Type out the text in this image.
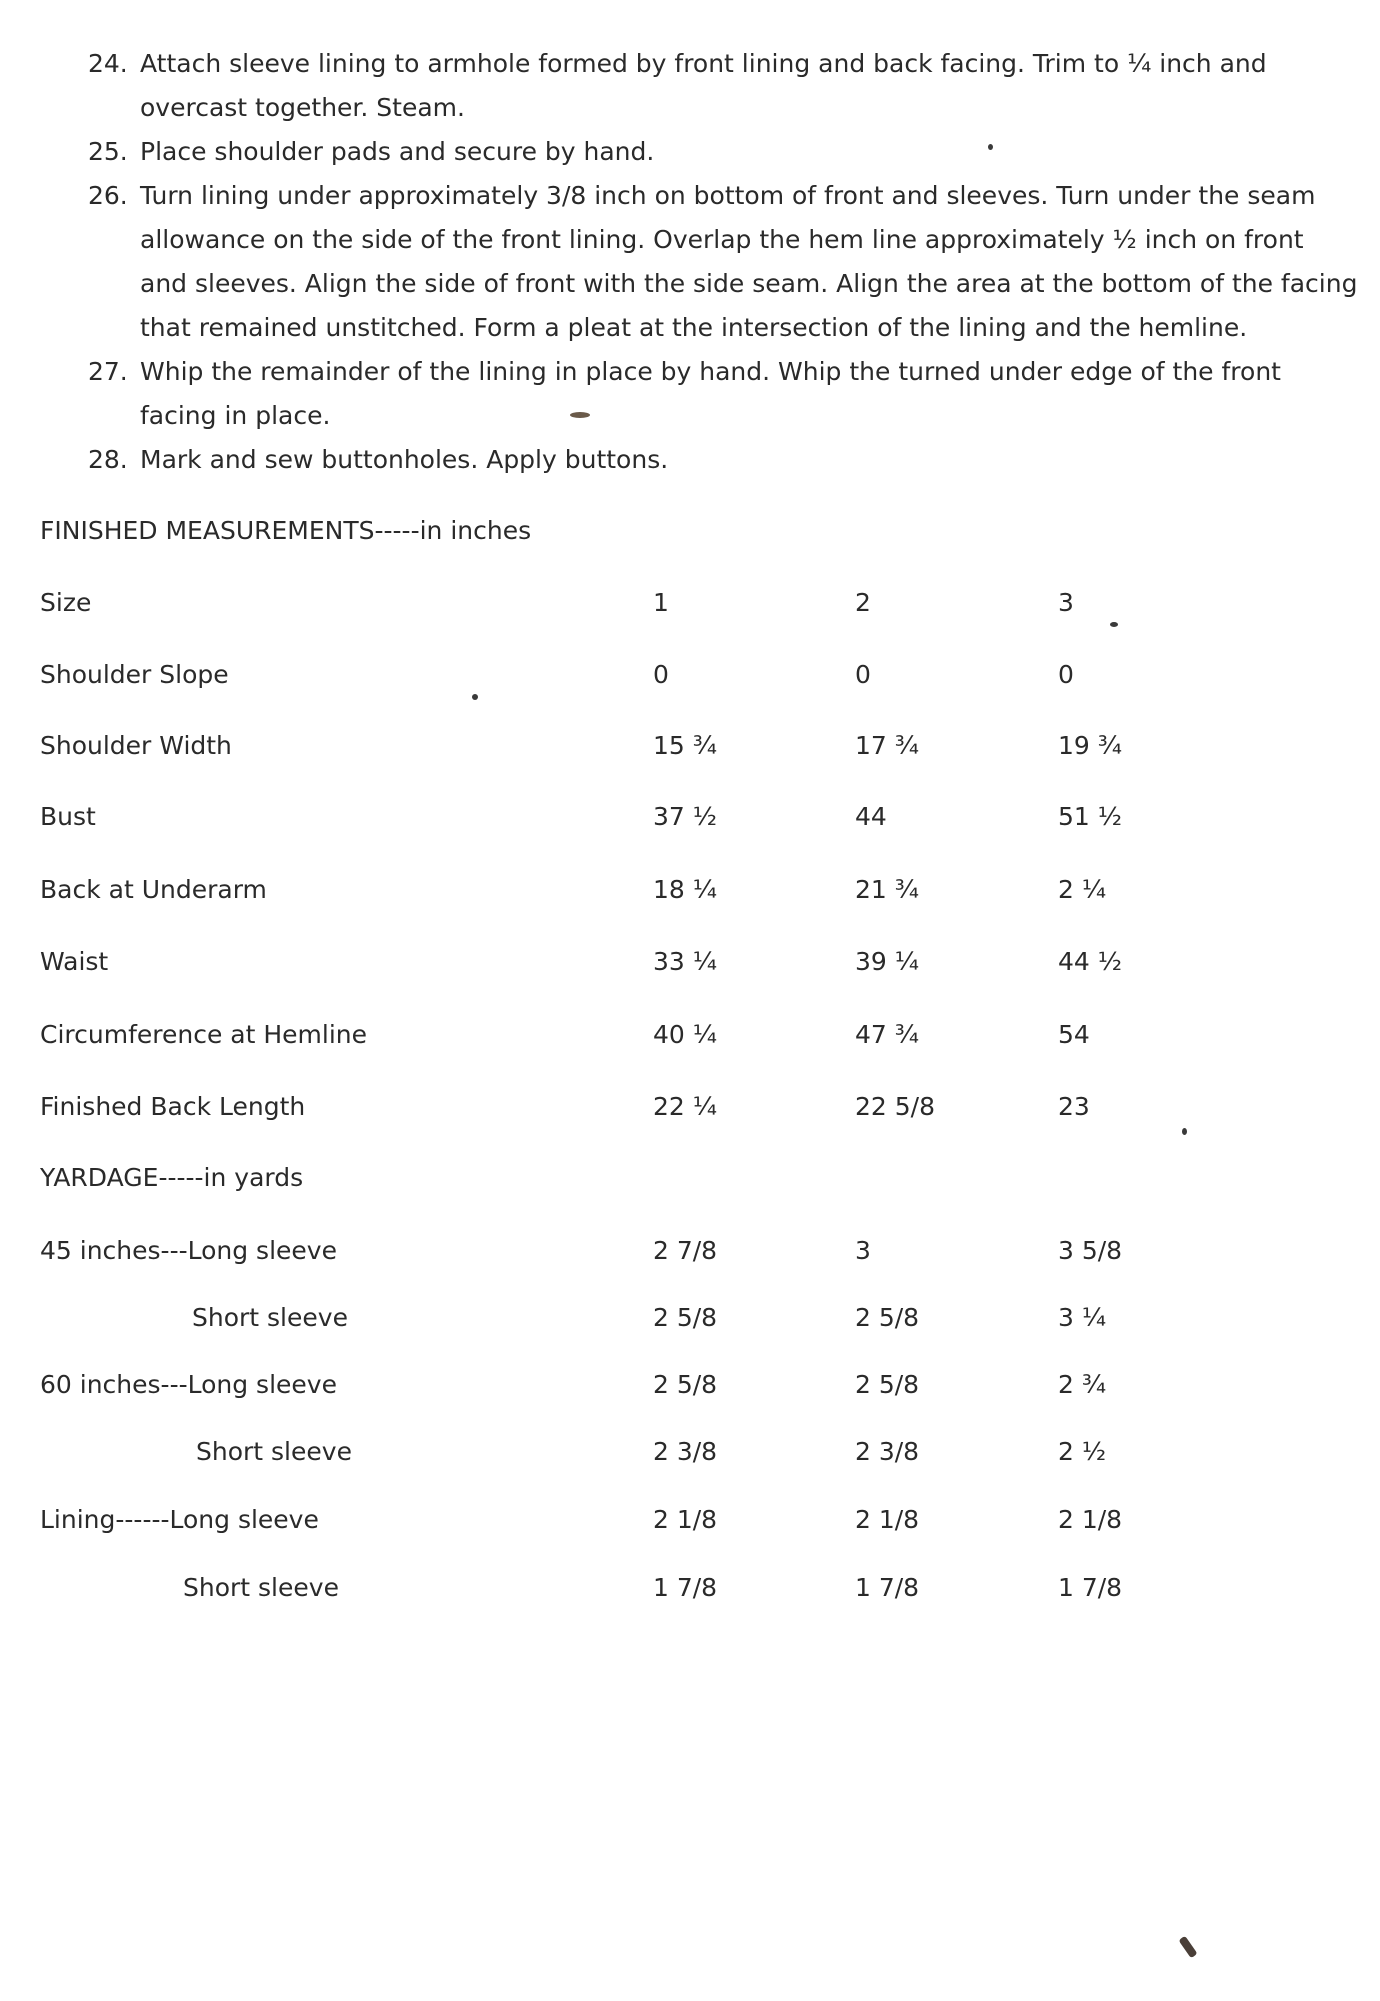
24. Attach sleeve lining to armhole formed by front lining and back facing. Trim to ¼ inch and overcast together. Steam.
25. Place shoulder pads and secure by hand.
26. Turn lining under approximately 3/8 inch on bottom of front and sleeves. Turn under the seam allowance on the side of the front lining. Overlap the hem line approximately ½ inch on front and sleeves. Align the side of front with the side seam. Align the area at the bottom of the facing that remained unstitched. Form a pleat at the intersection of the lining and the hemline.
27. Whip the remainder of the lining in place by hand. Whip the turned under edge of the front facing in place.
28. Mark and sew buttonholes. Apply buttons.
FINISHED MEASUREMENTS-----in inches
Size	1	2	3
Shoulder Slope	0	0	0
Shoulder Width	15 ¾	17 ¾	19 ¾
Bust	37 ½	44	51 ½
Back at Underarm	18 ¼	21 ¾	2 ¼
Waist	33 ¼	39 ¼	44 ½
Circumference at Hemline	40 ¼	47 ¾	54
Finished Back Length	22 ¼	22 5/8	23
YARDAGE-----in yards
45 inches---Long sleeve	2 7/8	3	3 5/8
Short sleeve	2 5/8	2 5/8	3 ¼
60 inches---Long sleeve	2 5/8	2 5/8	2 ¾
Short sleeve	2 3/8	2 3/8	2 ½
Lining------Long sleeve	2 1/8	2 1/8	2 1/8
Short sleeve	1 7/8	1 7/8	1 7/8
